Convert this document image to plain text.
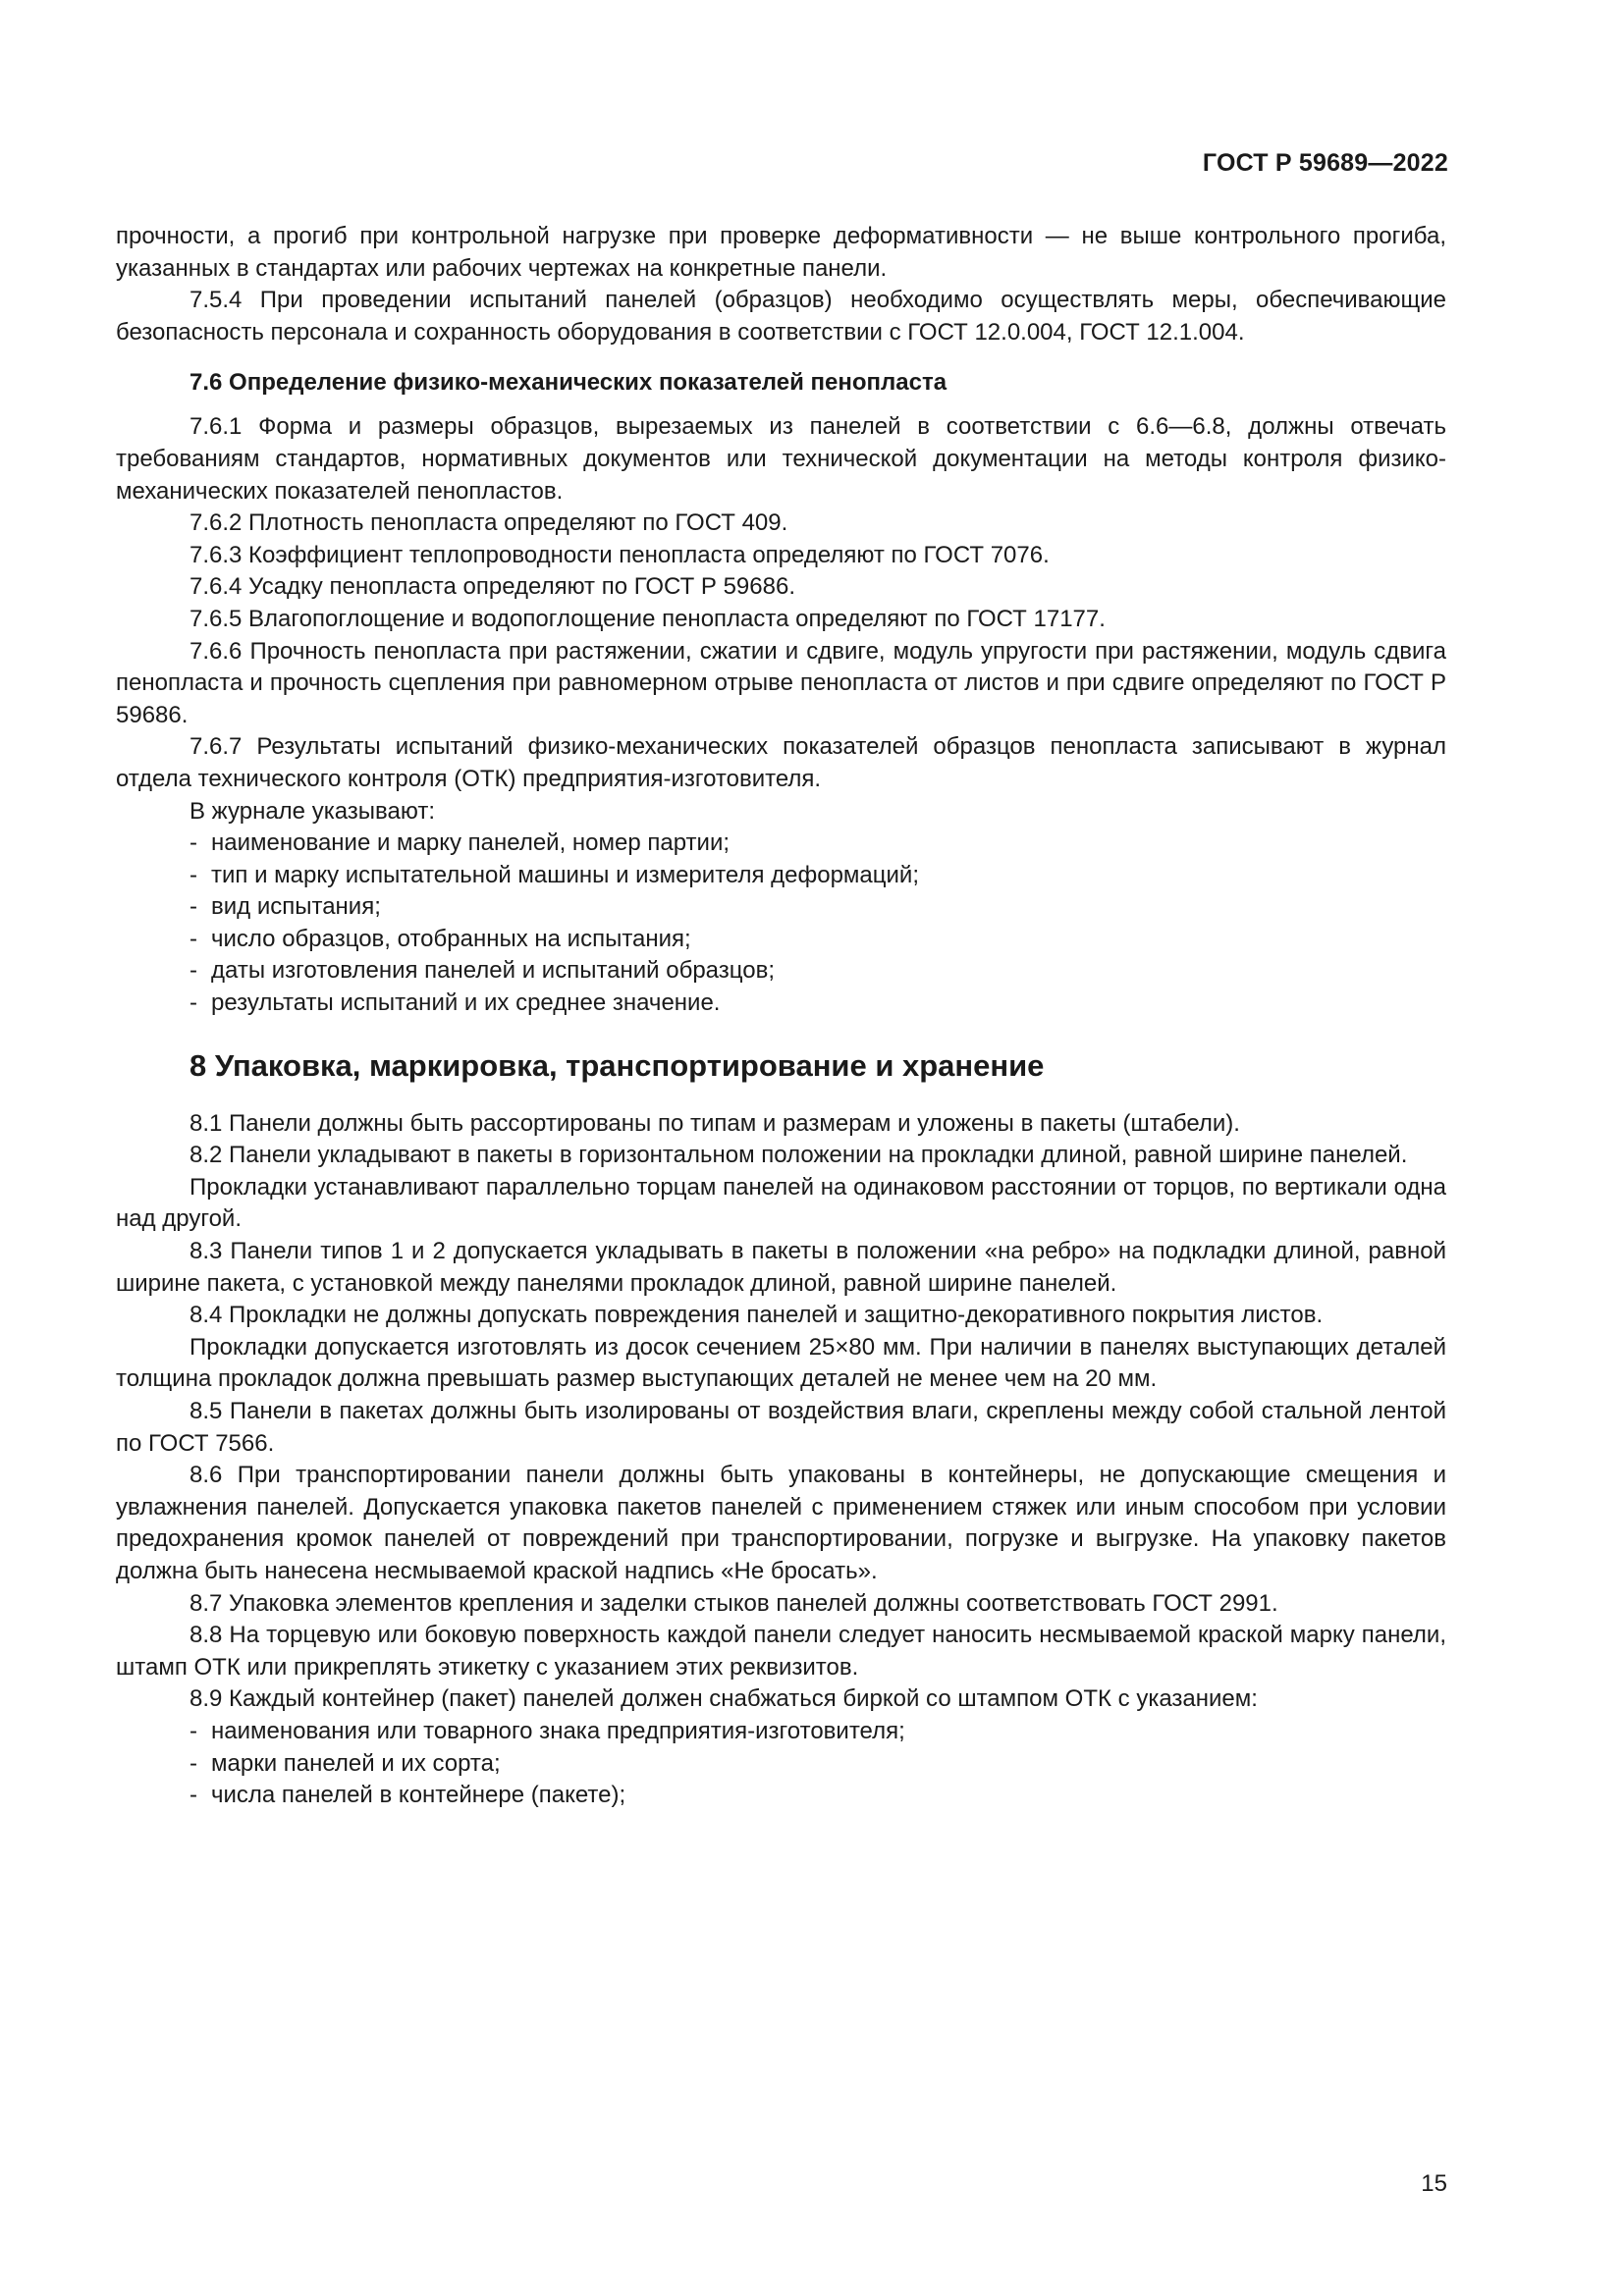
ГОСТ Р 59689—2022

прочности, а прогиб при контрольной нагрузке при проверке деформативности — не выше контрольного прогиба, указанных в стандартах или рабочих чертежах на конкретные панели.

7.5.4 При проведении испытаний панелей (образцов) необходимо осуществлять меры, обеспечивающие безопасность персонала и сохранность оборудования в соответствии с ГОСТ 12.0.004, ГОСТ 12.1.004.

7.6 Определение физико-механических показателей пенопласта

7.6.1 Форма и размеры образцов, вырезаемых из панелей в соответствии с 6.6—6.8, должны отвечать требованиям стандартов, нормативных документов или технической документации на методы контроля физико-механических показателей пенопластов.

7.6.2 Плотность пенопласта определяют по ГОСТ 409.

7.6.3 Коэффициент теплопроводности пенопласта определяют по ГОСТ 7076.

7.6.4 Усадку пенопласта определяют по ГОСТ Р 59686.

7.6.5 Влагопоглощение и водопоглощение пенопласта определяют по ГОСТ 17177.

7.6.6 Прочность пенопласта при растяжении, сжатии и сдвиге, модуль упругости при растяжении, модуль сдвига пенопласта и прочность сцепления при равномерном отрыве пенопласта от листов и при сдвиге определяют по ГОСТ Р 59686.

7.6.7 Результаты испытаний физико-механических показателей образцов пенопласта записывают в журнал отдела технического контроля (ОТК) предприятия-изготовителя.

В журнале указывают:

- наименование и марку панелей, номер партии;
- тип и марку испытательной машины и измерителя деформаций;
- вид испытания;
- число образцов, отобранных на испытания;
- даты изготовления панелей и испытаний образцов;
- результаты испытаний и их среднее значение.
8 Упаковка, маркировка, транспортирование и хранение

8.1 Панели должны быть рассортированы по типам и размерам и уложены в пакеты (штабели).

8.2 Панели укладывают в пакеты в горизонтальном положении на прокладки длиной, равной ширине панелей.

Прокладки устанавливают параллельно торцам панелей на одинаковом расстоянии от торцов, по вертикали одна над другой.

8.3 Панели типов 1 и 2 допускается укладывать в пакеты в положении «на ребро» на подкладки длиной, равной ширине пакета, с установкой между панелями прокладок длиной, равной ширине панелей.

8.4 Прокладки не должны допускать повреждения панелей и защитно-декоративного покрытия листов.

Прокладки допускается изготовлять из досок сечением 25×80 мм. При наличии в панелях выступающих деталей толщина прокладок должна превышать размер выступающих деталей не менее чем на 20 мм.

8.5 Панели в пакетах должны быть изолированы от воздействия влаги, скреплены между собой стальной лентой по ГОСТ 7566.

8.6 При транспортировании панели должны быть упакованы в контейнеры, не допускающие смещения и увлажнения панелей. Допускается упаковка пакетов панелей с применением стяжек или иным способом при условии предохранения кромок панелей от повреждений при транспортировании, погрузке и выгрузке. На упаковку пакетов должна быть нанесена несмываемой краской надпись «Не бросать».

8.7 Упаковка элементов крепления и заделки стыков панелей должны соответствовать ГОСТ 2991.

8.8 На торцевую или боковую поверхность каждой панели следует наносить несмываемой краской марку панели, штамп ОТК или прикреплять этикетку с указанием этих реквизитов.

8.9 Каждый контейнер (пакет) панелей должен снабжаться биркой со штампом ОТК с указанием:

- наименования или товарного знака предприятия-изготовителя;
- марки панелей и их сорта;
- числа панелей в контейнере (пакете);
15
